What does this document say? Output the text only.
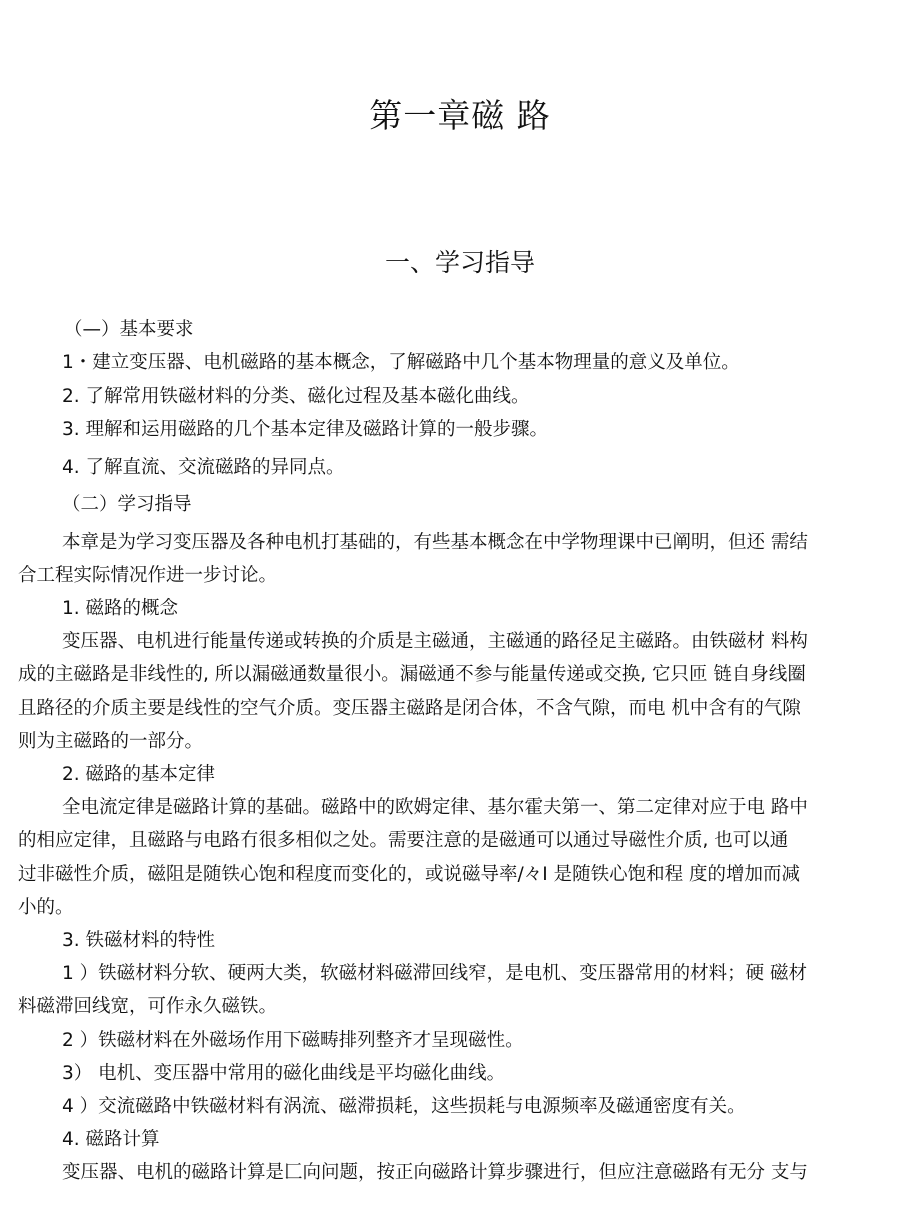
第一章磁 路
一、学习指导
（—）基本要求
1・建立变压器、电机磁路的基本概念，了解磁路中几个基本物理量的意义及单位。
2. 了解常用铁磁材料的分类、磁化过程及基本磁化曲线。
3. 理解和运用磁路的几个基本定律及磁路计算的一般步骤。
4. 了解直流、交流磁路的异同点。
（二）学习指导
本章是为学习变压器及各种电机打基础的，有些基本概念在中学物理课中已阐明，但还 需结
合工程实际情况作进一步讨论。
1. 磁路的概念
变压器、电机进行能量传递或转换的介质是主磁通，主磁通的路径足主磁路。由铁磁材 料构
成的主磁路是非线性的, 所以漏磁通数量很小。漏磁通不参与能量传递或交换, 它只匝 链自身线圈
且路径的介质主要是线性的空气介质。变压器主磁路是闭合体，不含气隙，而电 机中含有的气隙
则为主磁路的一部分。
2. 磁路的基本定律
全电流定律是磁路计算的基础。磁路中的欧姆定律、基尔霍夫第一、第二定律对应于电 路中
的相应定律，且磁路与电路冇很多相似之处。需要注意的是磁通可以通过导磁性介质, 也可以通
过非磁性介质，磁阻是随铁心饱和程度而变化的，或说磁导率/々I 是随铁心饱和程 度的增加而减
小的。
3. 铁磁材料的特性
1 ）铁磁材料分软、硬两大类，软磁材料磁滞回线窄，是电机、变压器常用的材料；硬 磁材
料磁滞回线宽，可作永久磁铁。
2 ）铁磁材料在外磁场作用下磁畴排列整齐才呈现磁性。
3） 电机、变压器中常用的磁化曲线是平均磁化曲线。
4 ）交流磁路中铁磁材料有涡流、磁滞损耗，这些损耗与电源频率及磁通密度有关。
4. 磁路计算
变压器、电机的磁路计算是匚向问题，按正向磁路计算步骤进行，但应注意磁路有无分 支与
